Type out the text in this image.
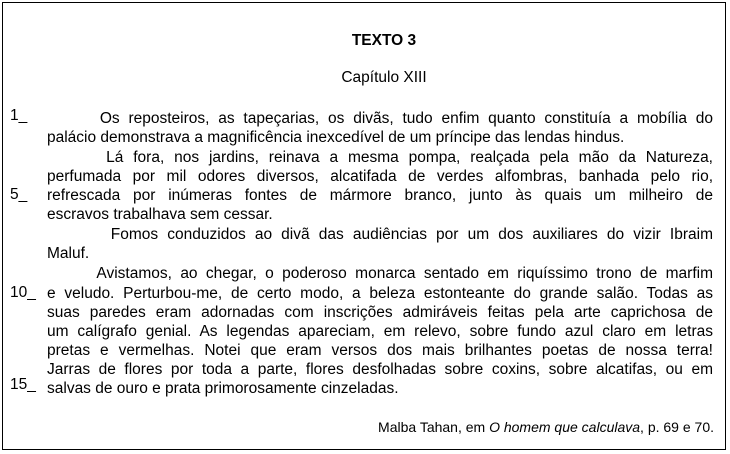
TEXTO 3
Capítulo XIII
1_
5_
10_
15_
Os reposteiros, as tapeçarias, os divãs, tudo enfim quanto constituía a mobília do
palácio demonstrava a magnificência inexcedível de um príncipe das lendas hindus.
Lá fora, nos jardins, reinava a mesma pompa, realçada pela mão da Natureza,
perfumada por mil odores diversos, alcatifada de verdes alfombras, banhada pelo rio,
refrescada por inúmeras fontes de mármore branco, junto às quais um milheiro de
escravos trabalhava sem cessar.
Fomos conduzidos ao divã das audiências por um dos auxiliares do vizir Ibraim
Maluf.
Avistamos, ao chegar, o poderoso monarca sentado em riquíssimo trono de marfim
e veludo. Perturbou-me, de certo modo, a beleza estonteante do grande salão. Todas as
suas paredes eram adornadas com inscrições admiráveis feitas pela arte caprichosa de
um calígrafo genial. As legendas apareciam, em relevo, sobre fundo azul claro em letras
pretas e vermelhas. Notei que eram versos dos mais brilhantes poetas de nossa terra!
Jarras de flores por toda a parte, flores desfolhadas sobre coxins, sobre alcatifas, ou em
salvas de ouro e prata primorosamente cinzeladas.
Malba Tahan, em O homem que calculava, p. 69 e 70.
